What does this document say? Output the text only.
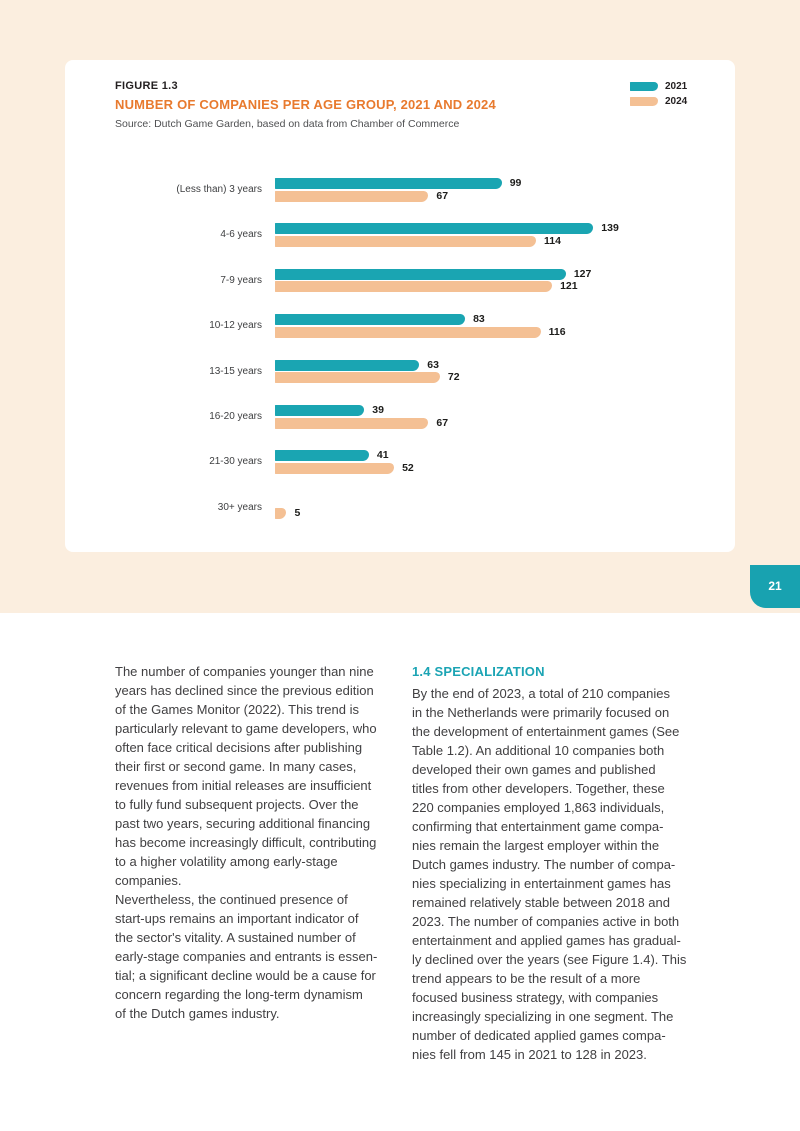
FIGURE 1.3
NUMBER OF COMPANIES PER AGE GROUP, 2021 AND 2024
Source: Dutch Game Garden, based on data from Chamber of Commerce
2021
2024
(Less than) 3 years
99
67
4-6 years
139
114
7-9 years
127
121
10-12 years
83
116
13-15 years
63
72
16-20 years
39
67
21-30 years
41
52
30+ years	5
21
The number of companies younger than nine
years has declined since the previous edition
of the Games Monitor (2022). This trend is
particularly relevant to game developers, who
often face critical decisions after publishing
their first or second game. In many cases,
revenues from initial releases are insufficient
to fully fund subsequent projects. Over the
past two years, securing additional financing
has become increasingly difficult, contributing
to a higher volatility among early-stage
companies.
Nevertheless, the continued presence of
start-ups remains an important indicator of
the sector's vitality. A sustained number of
early-stage companies and entrants is essen-
tial; a significant decline would be a cause for
concern regarding the long-term dynamism
of the Dutch games industry.
1.4 SPECIALIZATION
By the end of 2023, a total of 210 companies
in the Netherlands were primarily focused on
the development of entertainment games (See
Table 1.2). An additional 10 companies both
developed their own games and published
titles from other developers. Together, these
220 companies employed 1,863 individuals,
confirming that entertainment game compa-
nies remain the largest employer within the
Dutch games industry. The number of compa-
nies specializing in entertainment games has
remained relatively stable between 2018 and
2023. The number of companies active in both
entertainment and applied games has gradual-
ly declined over the years (see Figure 1.4). This
trend appears to be the result of a more
focused business strategy, with companies
increasingly specializing in one segment. The
number of dedicated applied games compa-
nies fell from 145 in 2021 to 128 in 2023.
